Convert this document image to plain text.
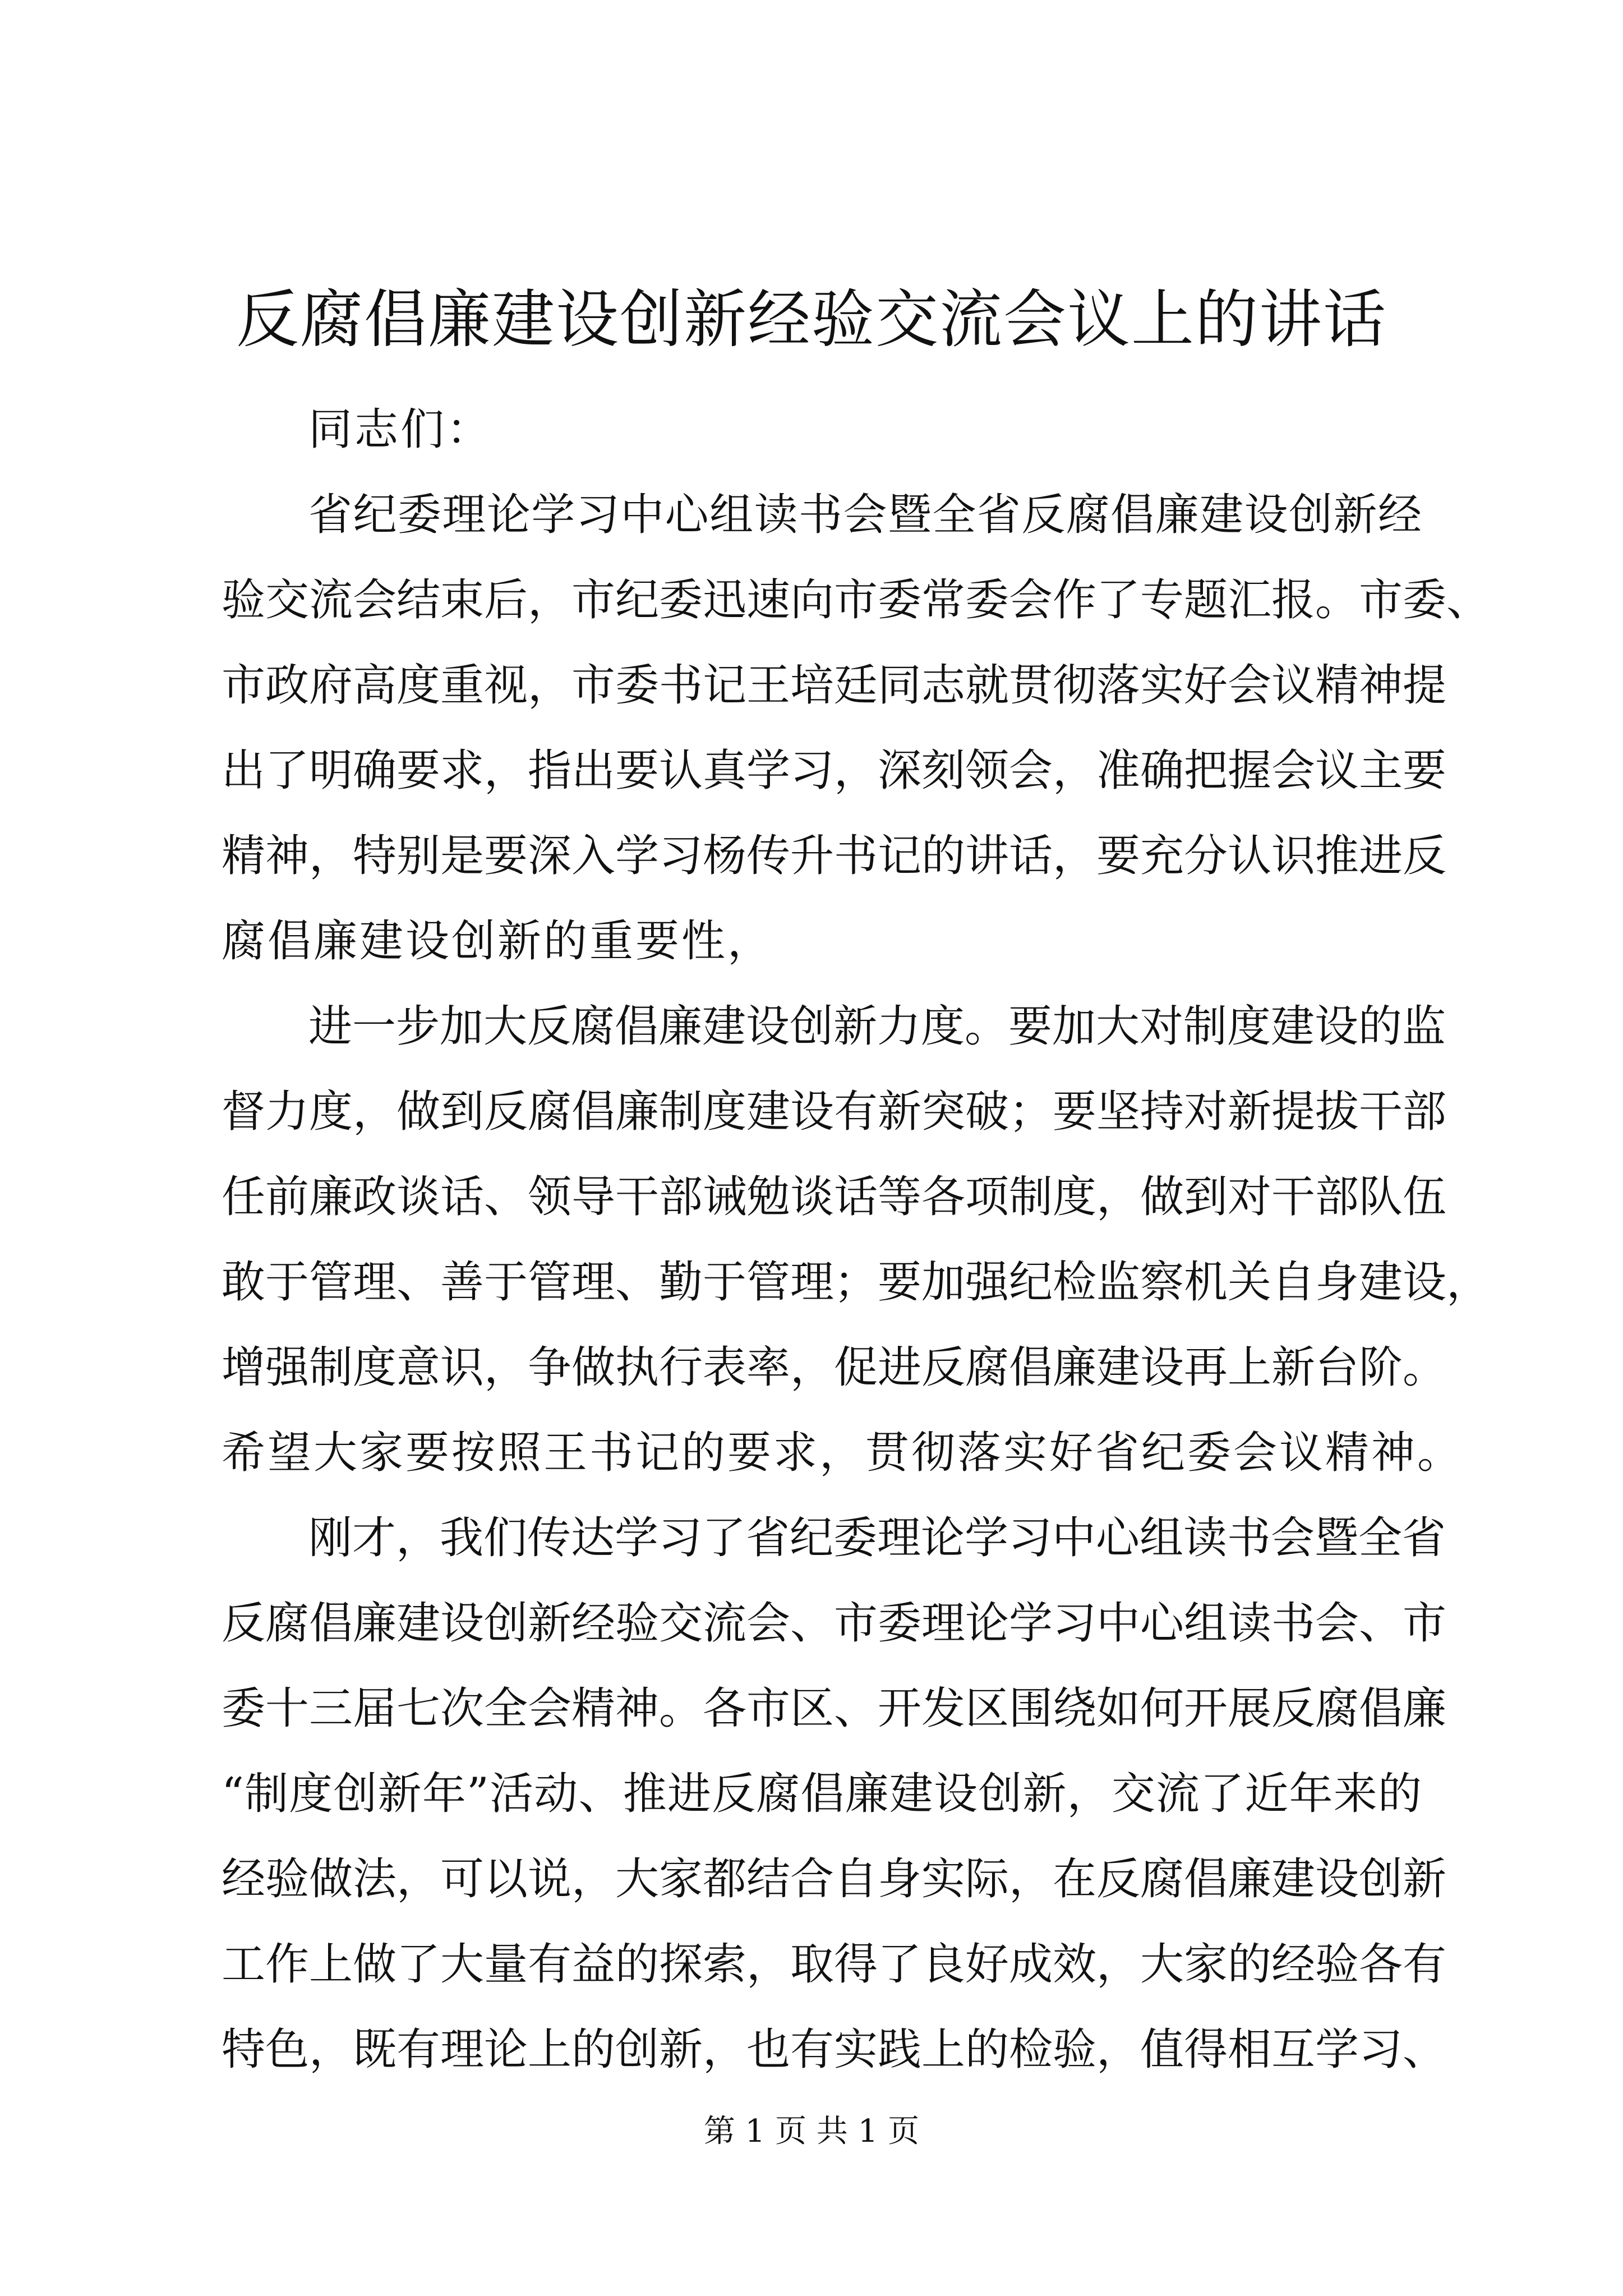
反腐倡廉建设创新经验交流会议上的讲话
同志们：
省纪委理论学习中心组读书会暨全省反腐倡廉建设创新经
验交流会结束后，市纪委迅速向市委常委会作了专题汇报。市委、
市政府高度重视，市委书记王培廷同志就贯彻落实好会议精神提
出了明确要求，指出要认真学习，深刻领会，准确把握会议主要
精神，特别是要深入学习杨传升书记的讲话，要充分认识推进反
腐倡廉建设创新的重要性，
进一步加大反腐倡廉建设创新力度。要加大对制度建设的监
督力度，做到反腐倡廉制度建设有新突破；要坚持对新提拔干部
任前廉政谈话、领导干部诫勉谈话等各项制度，做到对干部队伍
敢于管理、善于管理、勤于管理；要加强纪检监察机关自身建设，
增强制度意识，争做执行表率，促进反腐倡廉建设再上新台阶。
希望大家要按照王书记的要求，贯彻落实好省纪委会议精神。
刚才，我们传达学习了省纪委理论学习中心组读书会暨全省
反腐倡廉建设创新经验交流会、市委理论学习中心组读书会、市
委十三届七次全会精神。各市区、开发区围绕如何开展反腐倡廉
“制度创新年”活动、推进反腐倡廉建设创新，交流了近年来的
经验做法，可以说，大家都结合自身实际，在反腐倡廉建设创新
工作上做了大量有益的探索，取得了良好成效，大家的经验各有
特色，既有理论上的创新，也有实践上的检验，值得相互学习、
第 1 页 共 1 页
